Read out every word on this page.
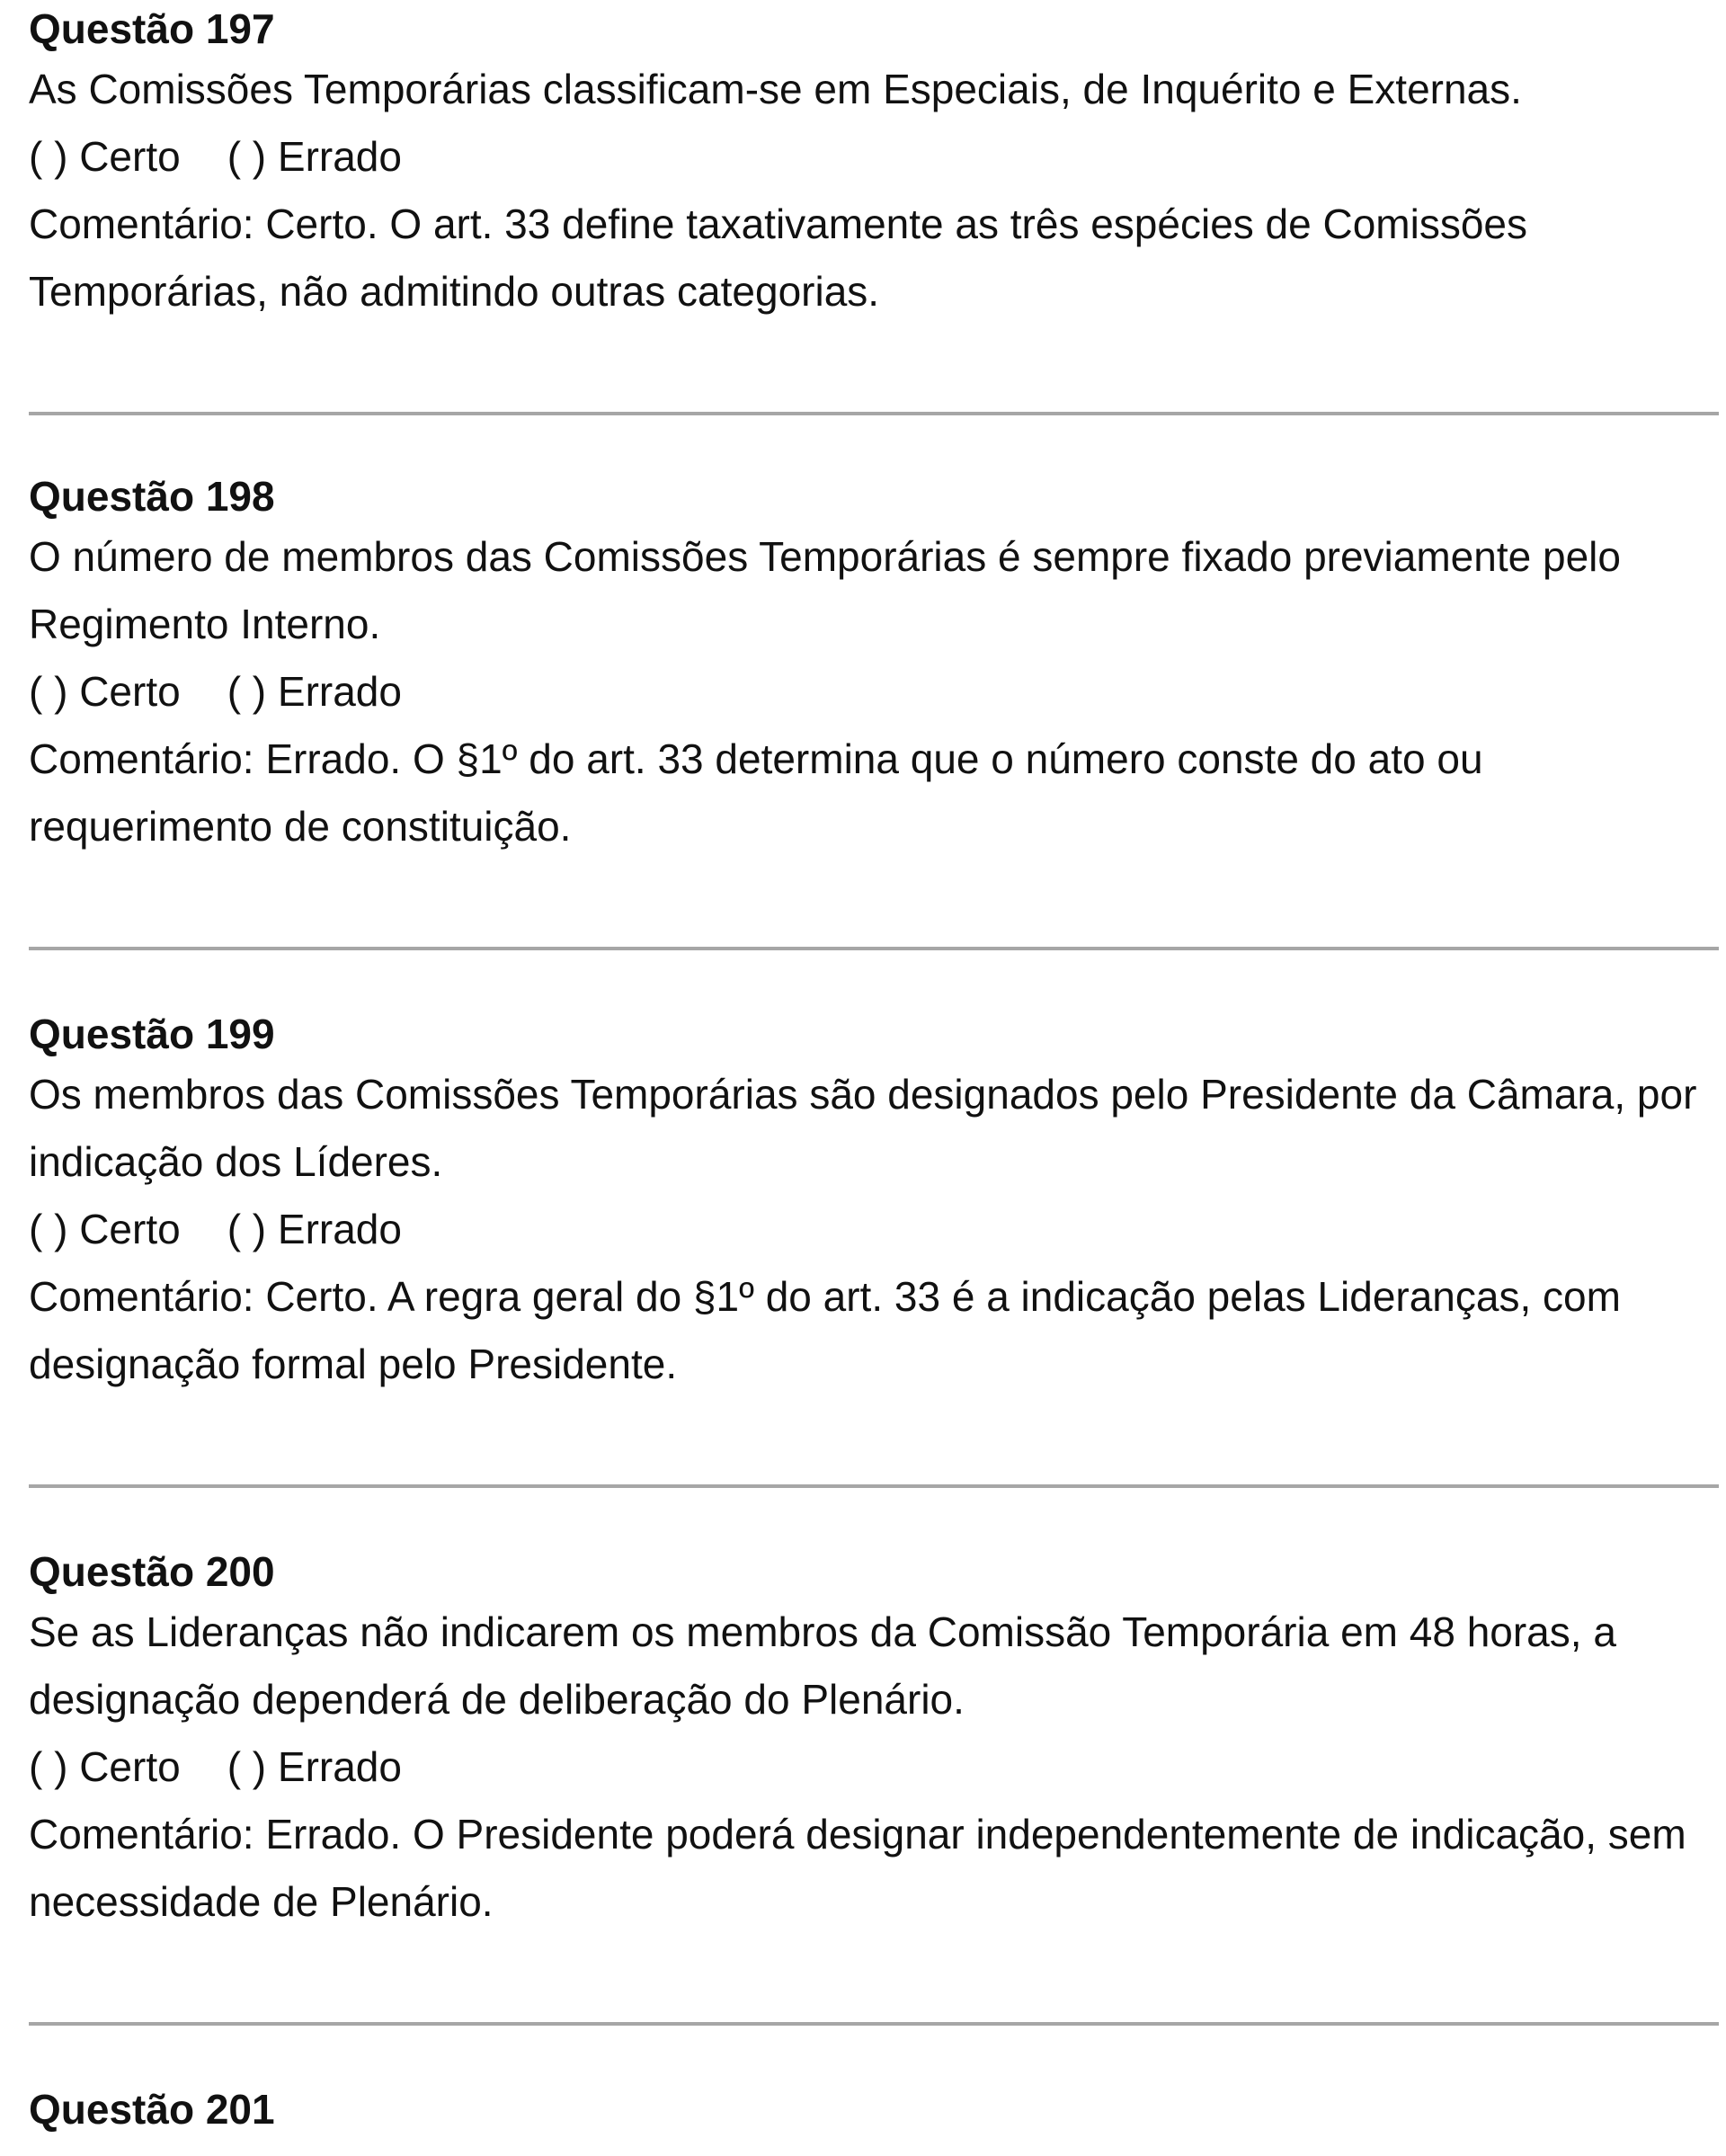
Questão 197
As Comissões Temporárias classificam-se em Especiais, de Inquérito e Externas.
( ) Certo ( ) Errado
Comentário: Certo. O art. 33 define taxativamente as três espécies de Comissões Temporárias, não admitindo outras categorias.
Questão 198
O número de membros das Comissões Temporárias é sempre fixado previamente pelo Regimento Interno.
( ) Certo ( ) Errado
Comentário: Errado. O §1º do art. 33 determina que o número conste do ato ou requerimento de constituição.
Questão 199
Os membros das Comissões Temporárias são designados pelo Presidente da Câmara, por indicação dos Líderes.
( ) Certo ( ) Errado
Comentário: Certo. A regra geral do §1º do art. 33 é a indicação pelas Lideranças, com designação formal pelo Presidente.
Questão 200
Se as Lideranças não indicarem os membros da Comissão Temporária em 48 horas, a designação dependerá de deliberação do Plenário.
( ) Certo ( ) Errado
Comentário: Errado. O Presidente poderá designar independentemente de indicação, sem necessidade de Plenário.
Questão 201
